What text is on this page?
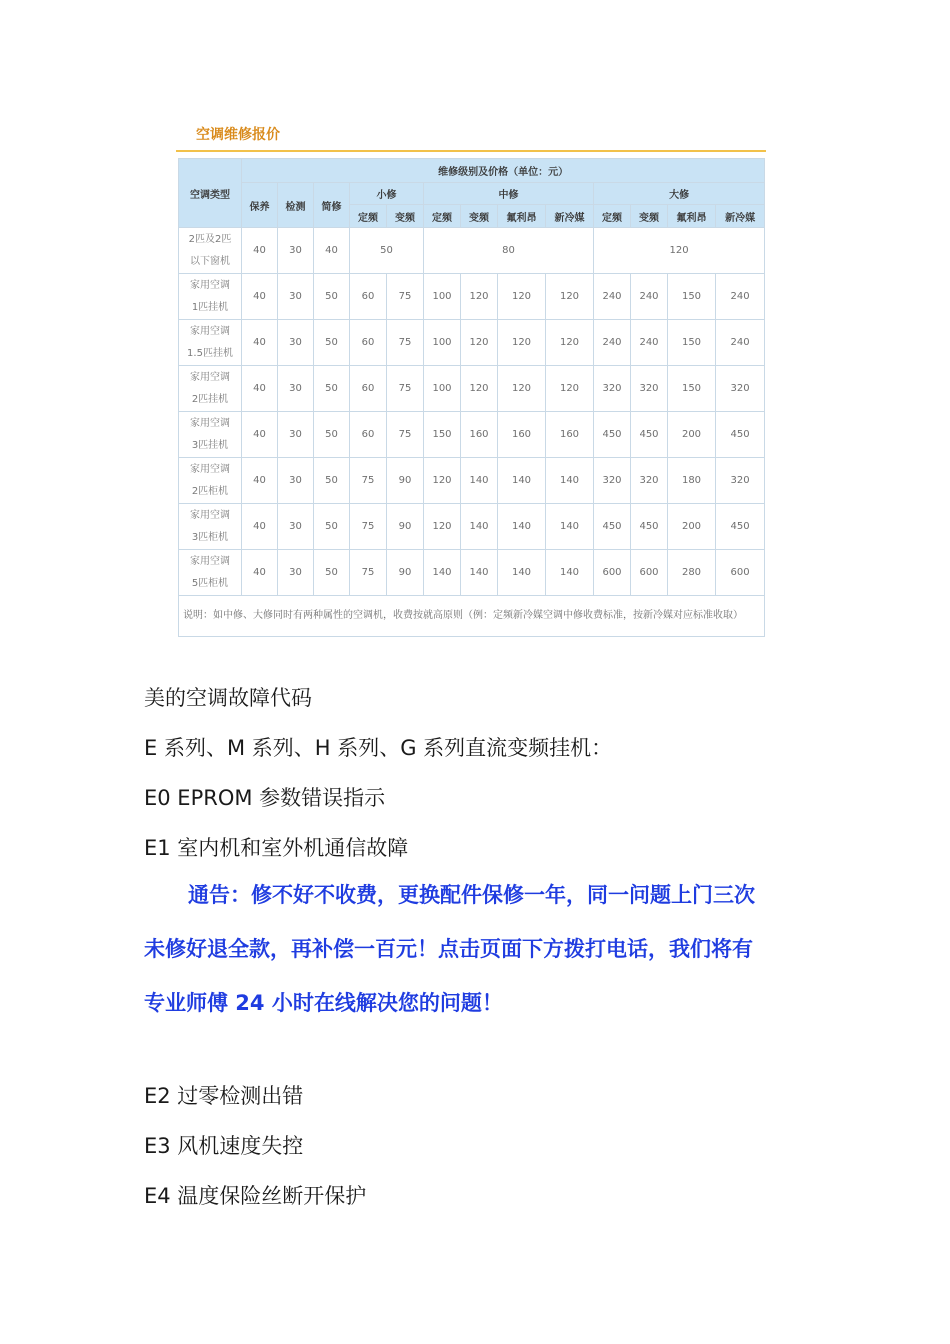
空调维修报价
空调类型	维修级别及价格（单位：元）												
	保养	检测	简修	小修		中修				大修			
				定频	变频	定频	变频	氟利昂	新冷媒	定频	变频	氟利昂	新冷媒
2匹及2匹
以下窗机	40	30	40	50		80				120			
家用空调
1匹挂机	40	30	50	60	75	100	120	120	120	240	240	150	240
家用空调
1.5匹挂机	40	30	50	60	75	100	120	120	120	240	240	150	240
家用空调
2匹挂机	40	30	50	60	75	100	120	120	120	320	320	150	320
家用空调
3匹挂机	40	30	50	60	75	150	160	160	160	450	450	200	450
家用空调
2匹柜机	40	30	50	75	90	120	140	140	140	320	320	180	320
家用空调
3匹柜机	40	30	50	75	90	120	140	140	140	450	450	200	450
家用空调
5匹柜机	40	30	50	75	90	140	140	140	140	600	600	280	600
说明：如中修、大修同时有两种属性的空调机，收费按就高原则（例：定频新冷媒空调中修收费标准，按新冷媒对应标准收取）													
美的空调故障代码
E 系列、M 系列、H 系列、G 系列直流变频挂机：
E0 EPROM 参数错误指示
E1 室内机和室外机通信故障

通告：修不好不收费，更换配件保修一年，同一问题上门三次

未修好退全款，再补偿一百元！点击页面下方拨打电话，我们将有

专业师傅 24 小时在线解决您的问题！

E2 过零检测出错
E3 风机速度失控
E4 温度保险丝断开保护
